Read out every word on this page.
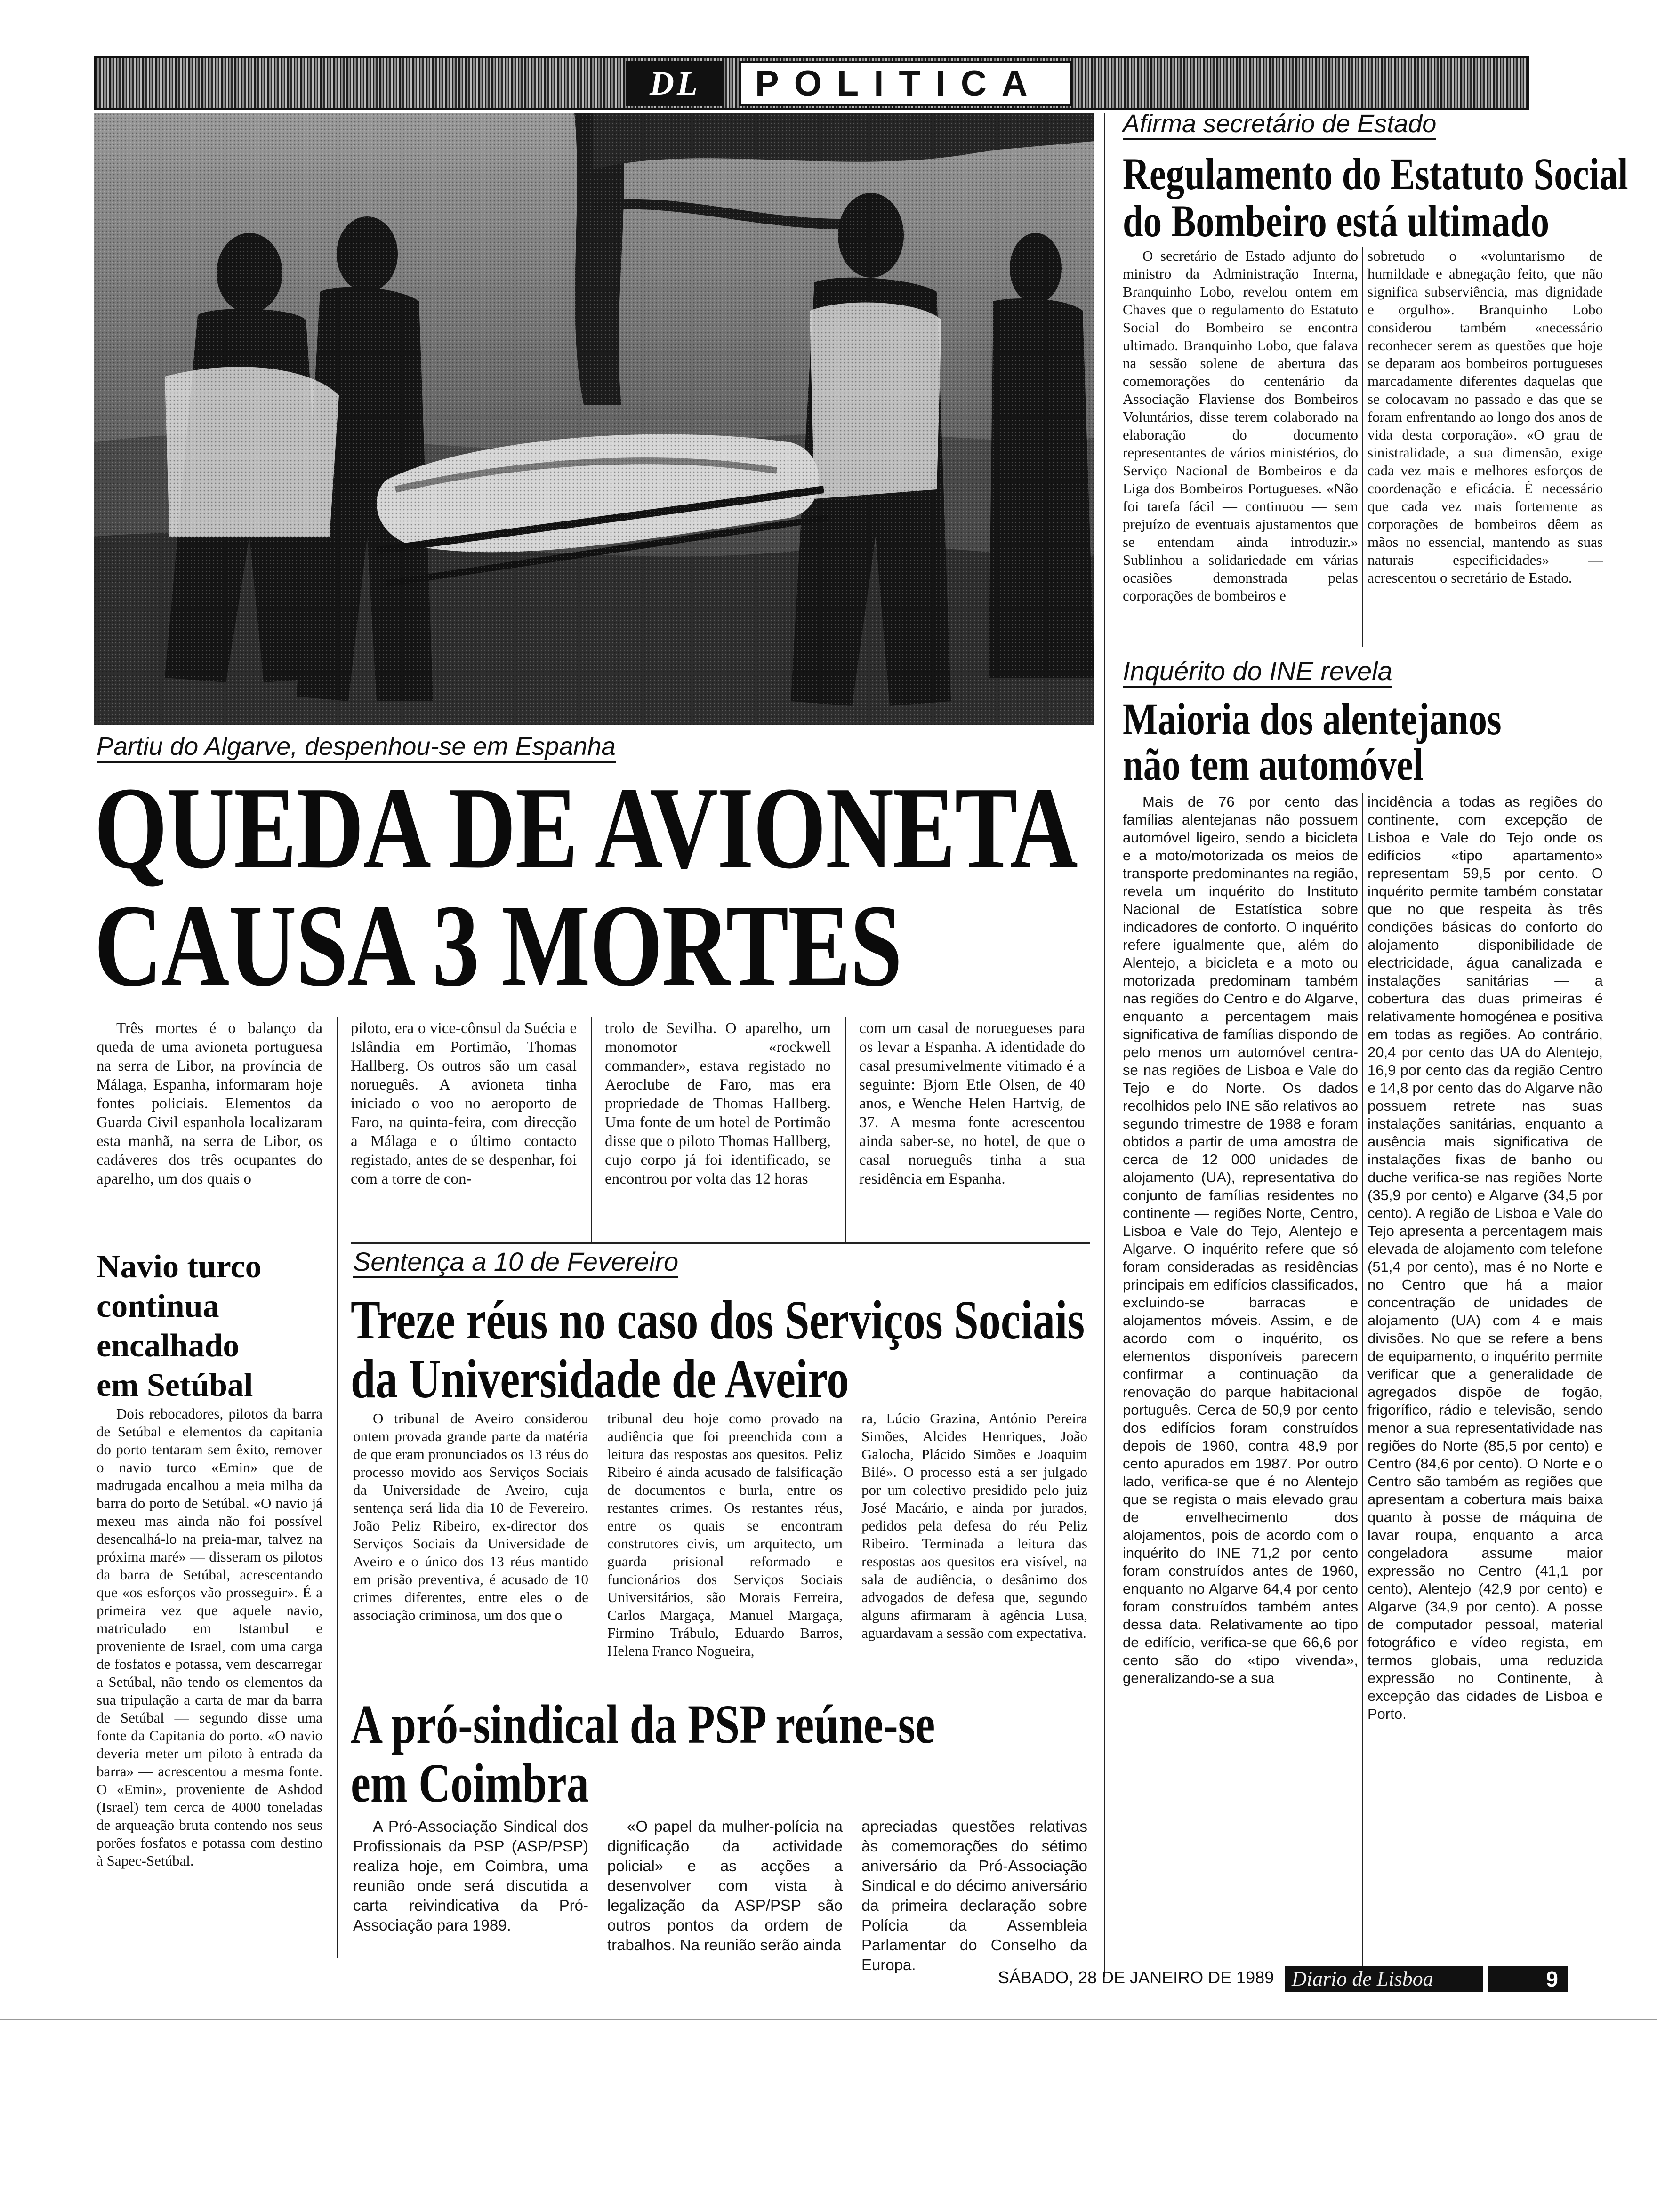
DL	POLITICA
Partiu do Algarve, despenhou-se em Espanha
QUEDA DE AVIONETA
CAUSA 3 MORTES

Três mortes é o balanço da queda de uma avioneta portuguesa na serra de Libor, na província de Málaga, Espanha, informaram hoje fontes policiais. Elementos da Guarda Civil espanhola localizaram esta manhã, na serra de Libor, os cadáveres dos três ocupantes do aparelho, um dos quais o

piloto, era o vice-cônsul da Suécia e Islândia em Portimão, Thomas Hallberg. Os outros são um casal norueguês. A avioneta tinha iniciado o voo no aeroporto de Faro, na quinta-feira, com direcção a Málaga e o último contacto registado, antes de se despenhar, foi com a torre de con-

trolo de Sevilha. O aparelho, um monomotor «rockwell commander», estava registado no Aeroclube de Faro, mas era propriedade de Thomas Hallberg. Uma fonte de um hotel de Portimão disse que o piloto Thomas Hallberg, cujo corpo já foi identificado, se encontrou por volta das 12 horas

com um casal de noruegueses para os levar a Espanha. A identidade do casal presumivelmente vitimado é a seguinte: Bjorn Etle Olsen, de 40 anos, e Wenche Helen Hartvig, de 37. A mesma fonte acrescentou ainda saber-se, no hotel, de que o casal norueguês tinha a sua residência em Espanha.

Afirma secretário de Estado
Regulamento do Estatuto Social
do Bombeiro está ultimado

O secretário de Estado adjunto do ministro da Administração Interna, Branquinho Lobo, revelou ontem em Chaves que o regulamento do Estatuto Social do Bombeiro se encontra ultimado. Branquinho Lobo, que falava na sessão solene de abertura das comemorações do centenário da Associação Flaviense dos Bombeiros Voluntários, disse terem colaborado na elaboração do documento representantes de vários ministérios, do Serviço Nacional de Bombeiros e da Liga dos Bombeiros Portugueses. «Não foi tarefa fácil — continuou — sem prejuízo de eventuais ajustamentos que se entendam ainda introduzir.» Sublinhou a solidariedade em várias ocasiões demonstrada pelas corporações de bombeiros e

sobretudo o «voluntarismo de humildade e abnegação feito, que não significa subserviência, mas dignidade e orgulho». Branquinho Lobo considerou também «necessário reconhecer serem as questões que hoje se deparam aos bombeiros portugueses marcadamente diferentes daquelas que se colocavam no passado e das que se foram enfrentando ao longo dos anos de vida desta corporação». «O grau de sinistralidade, a sua dimensão, exige cada vez mais e melhores esforços de coordenação e eficácia. É necessário que cada vez mais fortemente as corporações de bombeiros dêem as mãos no essencial, mantendo as suas naturais especificidades» — acrescentou o secretário de Estado.

Inquérito do INE revela
Maioria dos alentejanos
não tem automóvel

Mais de 76 por cento das famílias alentejanas não possuem automóvel ligeiro, sendo a bicicleta e a moto/motorizada os meios de transporte predominantes na região, revela um inquérito do Instituto Nacional de Estatística sobre indicadores de conforto. O inquérito refere igualmente que, além do Alentejo, a bicicleta e a moto ou motorizada predominam também nas regiões do Centro e do Algarve, enquanto a percentagem mais significativa de famílias dispondo de pelo menos um automóvel centra-se nas regiões de Lisboa e Vale do Tejo e do Norte. Os dados recolhidos pelo INE são relativos ao segundo trimestre de 1988 e foram obtidos a partir de uma amostra de cerca de 12 000 unidades de alojamento (UA), representativa do conjunto de famílias residentes no continente — regiões Norte, Centro, Lisboa e Vale do Tejo, Alentejo e Algarve. O inquérito refere que só foram consideradas as residências principais em edifícios classificados, excluindo-se barracas e alojamentos móveis. Assim, e de acordo com o inquérito, os elementos disponíveis parecem confirmar a continuação da renovação do parque habitacional português. Cerca de 50,9 por cento dos edifícios foram construídos depois de 1960, contra 48,9 por cento apurados em 1987. Por outro lado, verifica-se que é no Alentejo que se regista o mais elevado grau de envelhecimento dos alojamentos, pois de acordo com o inquérito do INE 71,2 por cento foram construídos antes de 1960, enquanto no Algarve 64,4 por cento foram construídos também antes dessa data. Relativamente ao tipo de edifício, verifica-se que 66,6 por cento são do «tipo vivenda», generalizando-se a sua

incidência a todas as regiões do continente, com excepção de Lisboa e Vale do Tejo onde os edifícios «tipo apartamento» representam 59,5 por cento. O inquérito permite também constatar que no que respeita às três condições básicas do conforto do alojamento — disponibilidade de electricidade, água canalizada e instalações sanitárias — a cobertura das duas primeiras é relativamente homogénea e positiva em todas as regiões. Ao contrário, 20,4 por cento das UA do Alentejo, 16,9 por cento das da região Centro e 14,8 por cento das do Algarve não possuem retrete nas suas instalações sanitárias, enquanto a ausência mais significativa de instalações fixas de banho ou duche verifica-se nas regiões Norte (35,9 por cento) e Algarve (34,5 por cento). A região de Lisboa e Vale do Tejo apresenta a percentagem mais elevada de alojamento com telefone (51,4 por cento), mas é no Norte e no Centro que há a maior concentração de unidades de alojamento (UA) com 4 e mais divisões. No que se refere a bens de equipamento, o inquérito permite verificar que a generalidade de agregados dispõe de fogão, frigorífico, rádio e televisão, sendo menor a sua representatividade nas regiões do Norte (85,5 por cento) e Centro (84,6 por cento). O Norte e o Centro são também as regiões que apresentam a cobertura mais baixa quanto à posse de máquina de lavar roupa, enquanto a arca congeladora assume maior expressão no Centro (41,1 por cento), Alentejo (42,9 por cento) e Algarve (34,9 por cento). A posse de computador pessoal, material fotográfico e vídeo regista, em termos globais, uma reduzida expressão no Continente, à excepção das cidades de Lisboa e Porto.

Navio turco continua encalhado em Setúbal

Dois rebocadores, pilotos da barra de Setúbal e elementos da capitania do porto tentaram sem êxito, remover o navio turco «Emin» que de madrugada encalhou a meia milha da barra do porto de Setúbal. «O navio já mexeu mas ainda não foi possível desencalhá-lo na preia-mar, talvez na próxima maré» — disseram os pilotos da barra de Setúbal, acrescentando que «os esforços vão prosseguir». É a primeira vez que aquele navio, matriculado em Istambul e proveniente de Israel, com uma carga de fosfatos e potassa, vem descarregar a Setúbal, não tendo os elementos da sua tripulação a carta de mar da barra de Setúbal — segundo disse uma fonte da Capitania do porto. «O navio deveria meter um piloto à entrada da barra» — acrescentou a mesma fonte. O «Emin», proveniente de Ashdod (Israel) tem cerca de 4000 toneladas de arqueação bruta contendo nos seus porões fosfatos e potassa com destino à Sapec-Setúbal.

Sentença a 10 de Fevereiro
Treze réus no caso dos Serviços Sociais
da Universidade de Aveiro

O tribunal de Aveiro considerou ontem provada grande parte da matéria de que eram pronunciados os 13 réus do processo movido aos Serviços Sociais da Universidade de Aveiro, cuja sentença será lida dia 10 de Fevereiro. João Peliz Ribeiro, ex-director dos Serviços Sociais da Universidade de Aveiro e o único dos 13 réus mantido em prisão preventiva, é acusado de 10 crimes diferentes, entre eles o de associação criminosa, um dos que o

tribunal deu hoje como provado na audiência que foi preenchida com a leitura das respostas aos quesitos. Peliz Ribeiro é ainda acusado de falsificação de documentos e burla, entre os restantes crimes. Os restantes réus, entre os quais se encontram construtores civis, um arquitecto, um guarda prisional reformado e funcionários dos Serviços Sociais Universitários, são Morais Ferreira, Carlos Margaça, Manuel Margaça, Firmino Trábulo, Eduardo Barros, Helena Franco Nogueira,

ra, Lúcio Grazina, António Pereira Simões, Alcides Henriques, João Galocha, Plácido Simões e Joaquim Bilé». O processo está a ser julgado por um colectivo presidido pelo juiz José Macário, e ainda por jurados, pedidos pela defesa do réu Peliz Ribeiro. Terminada a leitura das respostas aos quesitos era visível, na sala de audiência, o desânimo dos advogados de defesa que, segundo alguns afirmaram à agência Lusa, aguardavam a sessão com expectativa.

A pró-sindical da PSP reúne-se
em Coimbra

A Pró-Associação Sindical dos Profissionais da PSP (ASP/PSP) realiza hoje, em Coimbra, uma reunião onde será discutida a carta reivindicativa da Pró-Associação para 1989.

«O papel da mulher-polícia na dignificação da actividade policial» e as acções a desenvolver com vista à legalização da ASP/PSP são outros pontos da ordem de trabalhos. Na reunião serão ainda

apreciadas questões relativas às comemorações do sétimo aniversário da Pró-Associação Sindical e do décimo aniversário da primeira declaração sobre Polícia da Assembleia Parlamentar do Conselho da Europa.

SÁBADO, 28 DE JANEIRO DE 1989 Diario de Lisboa	9
